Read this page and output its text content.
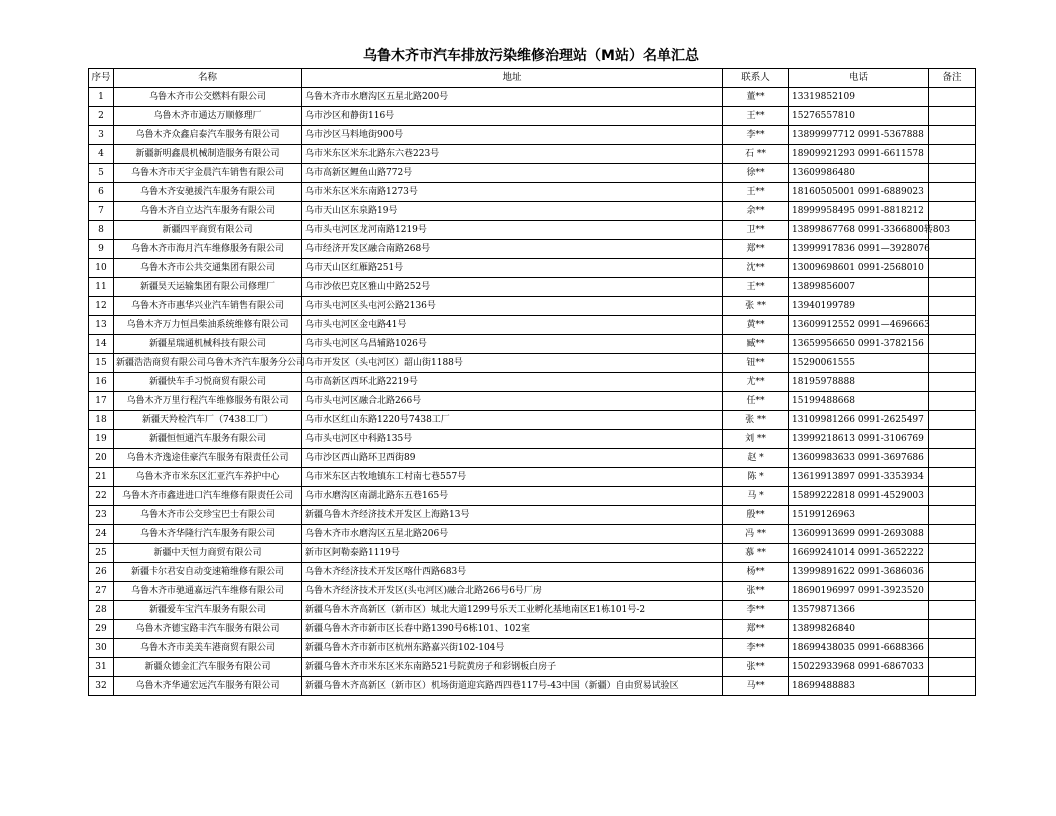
乌鲁木齐市汽车排放污染维修治理站（M站）名单汇总
序号	名称	地址	联系人	电话	备注
1	乌鲁木齐市公交燃料有限公司	乌鲁木齐市水磨沟区五星北路200号	董**	13319852109	
2	乌鲁木齐市通达万顺修理厂	乌市沙区和静街116号	王**	15276557810	
3	乌鲁木齐众鑫启泰汽车服务有限公司	乌市沙区马料地街900号	李**	13899997712 0991-5367888	
4	新疆新明鑫晨机械制造服务有限公司	乌市米东区米东北路东六巷223号	石 **	18909921293 0991-6611578	
5	乌鲁木齐市天宇金晨汽车销售有限公司	乌市高新区鲤鱼山路772号	徐**	13609986480	
6	乌鲁木齐安驰援汽车服务有限公司	乌市米东区米东南路1273号	王**	18160505001 0991-6889023	
7	乌鲁木齐自立达汽车服务有限公司	乌市天山区东泉路19号	余**	18999958495 0991-8818212	
8	新疆四平商贸有限公司	乌市头屯河区龙河南路1219号	卫**	13899867768 0991-3366800转803	
9	乌鲁木齐市海月汽车维修服务有限公司	乌市经济开发区融合南路268号	郑**	13999917836 0991—3928076	
10	乌鲁木齐市公共交通集团有限公司	乌市天山区红雁路251号	沈**	13009698601 0991-2568010	
11	新疆昊天运输集团有限公司修理厂	乌市沙依巴克区雅山中路252号	王**	13899856007	
12	乌鲁木齐市惠华兴业汽车销售有限公司	乌市头屯河区头屯河公路2136号	张 **	13940199789	
13	乌鲁木齐万力恒昌柴油系统维修有限公司	乌市头屯河区金屯路41号	黄**	13609912552 0991—4696663	
14	新疆星瑞通机械科技有限公司	乌市头屯河区乌昌辅路1026号	臧**	13659956650 0991-3782156	
15	新疆浩浩商贸有限公司乌鲁木齐汽车服务分公司	乌市开发区（头屯河区）韶山街1188号	钮**	15290061555	
16	新疆快车手习悦商贸有限公司	乌市高新区西环北路2219号	尤**	18195978888	
17	乌鲁木齐万里行程汽车维修服务有限公司	乌市头屯河区融合北路266号	任**	15199488668	
18	新疆天羚检汽车厂（7438工厂）	乌市水区红山东路1220号7438工厂	张 **	13109981266 0991-2625497	
19	新疆恒恒通汽车服务有限公司	乌市头屯河区中科路135号	刘 **	13999218613 0991-3106769	
20	乌鲁木齐逸途佳豪汽车服务有限责任公司	乌市沙区西山路环卫西街89	赵 *	13609983633 0991-3697686	
21	乌鲁木齐市米东区汇亚汽车养护中心	乌市米东区古牧地镇东工村南七巷557号	陈 *	13619913897 0991-3353934	
22	乌鲁木齐市鑫进进口汽车维修有限责任公司	乌市水磨沟区南湖北路东五巷165号	马 *	15899222818 0991-4529003	
23	乌鲁木齐市公交珍宝巴士有限公司	新疆乌鲁木齐经济技术开发区上海路13号	殷**	15199126963	
24	乌鲁木齐华隆行汽车服务有限公司	乌鲁木齐市水磨沟区五星北路206号	冯 **	13609913699 0991-2693088	
25	新疆中天恒力商贸有限公司	新市区阿勒泰路1119号	慕 **	16699241014 0991-3652222	
26	新疆卡尔君安自动变速箱维修有限公司	乌鲁木齐经济技术开发区喀什西路683号	杨**	13999891622 0991-3686036	
27	乌鲁木齐市驰通嘉远汽车维修有限公司	乌鲁木齐经济技术开发区(头屯河区)融合北路266号6号厂房	张**	18690196997 0991-3923520	
28	新疆爱车宝汽车服务有限公司	新疆乌鲁木齐高新区（新市区）城北大道1299号乐天工业孵化基地南区E1栋101号-2	李**	13579871366	
29	乌鲁木齐德宝路丰汽车服务有限公司	新疆乌鲁木齐市新市区长春中路1390号6栋101、102室	郑**	13899826840	
30	乌鲁木齐市美美车港商贸有限公司	新疆乌鲁木齐市新市区杭州东路嘉兴街102-104号	李**	18699438035 0991-6688366	
31	新疆众德金汇汽车服务有限公司	新疆乌鲁木齐市米东区米东南路521号院黄房子和彩钢板白房子	张**	15022933968 0991-6867033	
32	乌鲁木齐华通宏远汽车服务有限公司	新疆乌鲁木齐高新区（新市区）机场街道迎宾路西四巷117号-43中国（新疆）自由贸易试验区	马**	18699488883	
